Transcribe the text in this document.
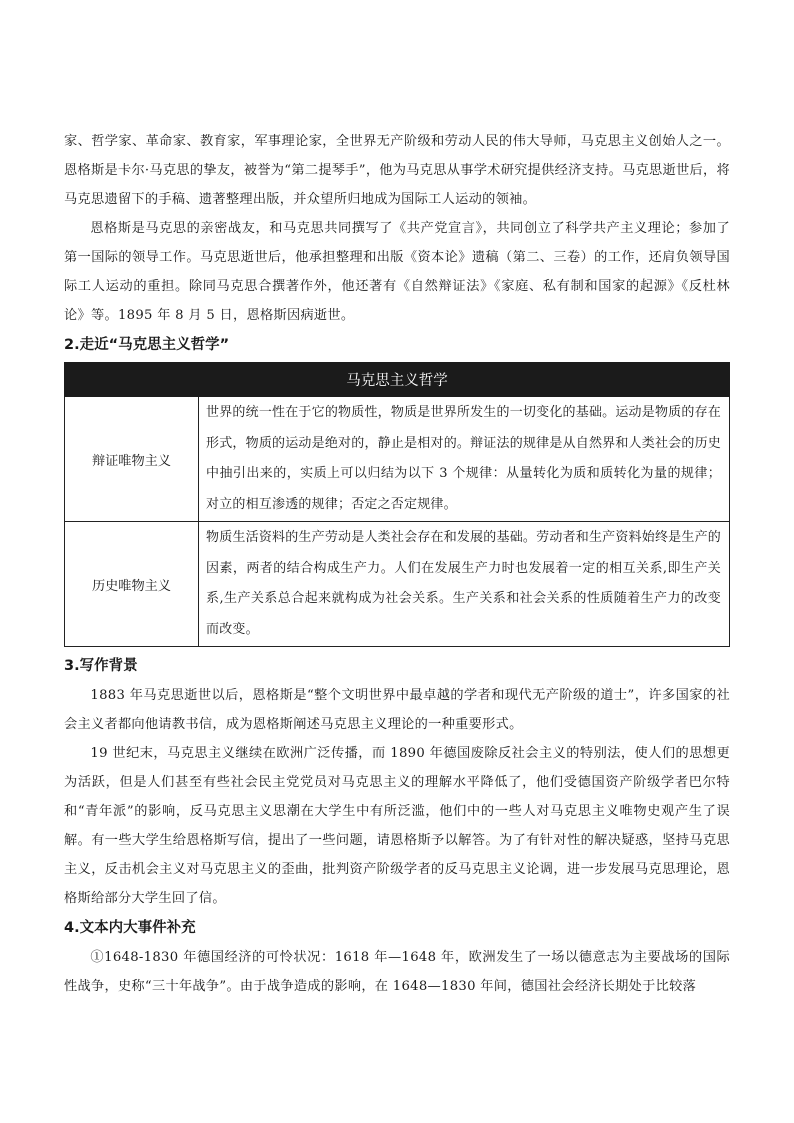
家、哲学家、革命家、教育家，军事理论家，全世界无产阶级和劳动人民的伟大导师，马克思主义创始人之一。恩格斯是卡尔·马克思的挚友，被誉为“第二提琴手”，他为马克思从事学术研究提供经济支持。马克思逝世后，将马克思遗留下的手稿、遗著整理出版，并众望所归地成为国际工人运动的领袖。

恩格斯是马克思的亲密战友，和马克思共同撰写了《共产党宣言》，共同创立了科学共产主义理论；参加了第一国际的领导工作。马克思逝世后，他承担整理和出版《资本论》遗稿（第二、三卷）的工作，还肩负领导国际工人运动的重担。除同马克思合撰著作外，他还著有《自然辩证法》《家庭、私有制和国家的起源》《反杜林论》等。1895 年 8 月 5 日，恩格斯因病逝世。

2.走近“马克思主义哲学”
马克思主义哲学	
辩证唯物主义	世界的统一性在于它的物质性，物质是世界所发生的一切变化的基础。运动是物质的存在形式，物质的运动是绝对的，静止是相对的。辩证法的规律是从自然界和人类社会的历史中抽引出来的，实质上可以归结为以下 3 个规律：从量转化为质和质转化为量的规律；对立的相互渗透的规律；否定之否定规律。
历史唯物主义	物质生活资料的生产劳动是人类社会存在和发展的基础。劳动者和生产资料始终是生产的因素，两者的结合构成生产力。人们在发展生产力时也发展着一定的相互关系,即生产关系,生产关系总合起来就构成为社会关系。生产关系和社会关系的性质随着生产力的改变而改变。
3.写作背景

1883 年马克思逝世以后，恩格斯是“整个文明世界中最卓越的学者和现代无产阶级的道士”，许多国家的社会主义者都向他请教书信，成为恩格斯阐述马克思主义理论的一种重要形式。

19 世纪末，马克思主义继续在欧洲广泛传播，而 1890 年德国废除反社会主义的特别法，使人们的思想更为活跃，但是人们甚至有些社会民主党党员对马克思主义的理解水平降低了，他们受德国资产阶级学者巴尔特和“青年派”的影响，反马克思主义思潮在大学生中有所泛滥，他们中的一些人对马克思主义唯物史观产生了误解。有一些大学生给恩格斯写信，提出了一些问题，请恩格斯予以解答。为了有针对性的解决疑惑，坚持马克思主义，反击机会主义对马克思主义的歪曲，批判资产阶级学者的反马克思主义论调，进一步发展马克思理论，恩格斯给部分大学生回了信。

4.文本内大事件补充

①1648-1830 年德国经济的可怜状况：1618 年—1648 年，欧洲发生了一场以德意志为主要战场的国际性战争，史称“三十年战争”。由于战争造成的影响，在 1648—1830 年间，德国社会经济长期处于比较落
